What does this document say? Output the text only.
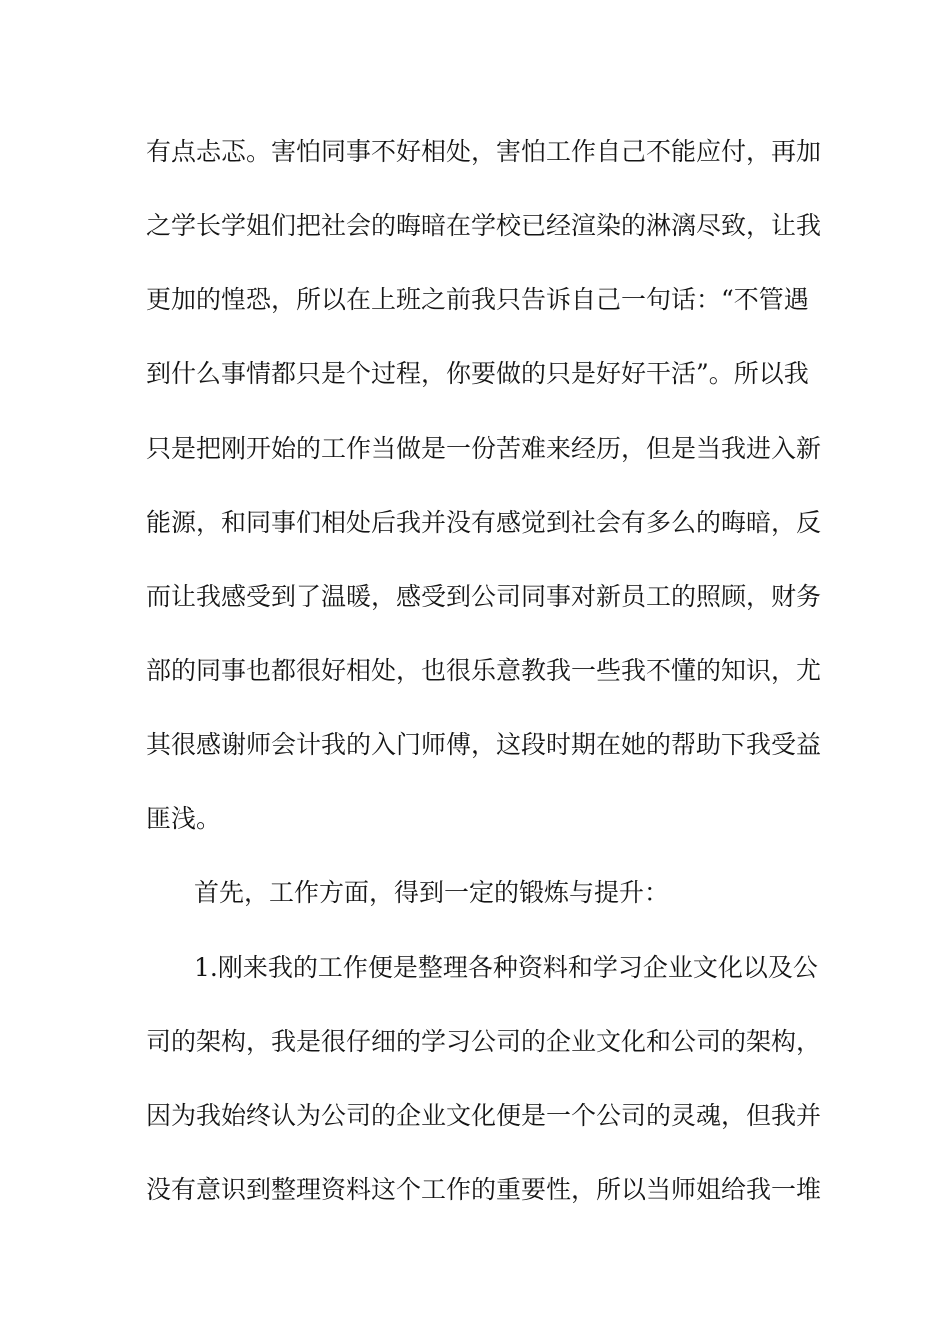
有点忐忑。害怕同事不好相处，害怕工作自己不能应付，再加
之学长学姐们把社会的晦暗在学校已经渲染的淋漓尽致，让我
更加的惶恐，所以在上班之前我只告诉自己一句话：“不管遇
到什么事情都只是个过程，你要做的只是好好干活”。所以我
只是把刚开始的工作当做是一份苦难来经历，但是当我进入新
能源，和同事们相处后我并没有感觉到社会有多么的晦暗，反
而让我感受到了温暖，感受到公司同事对新员工的照顾，财务
部的同事也都很好相处，也很乐意教我一些我不懂的知识，尤
其很感谢师会计我的入门师傅，这段时期在她的帮助下我受益
匪浅。
首先，工作方面，得到一定的锻炼与提升：
1.刚来我的工作便是整理各种资料和学习企业文化以及公
司的架构，我是很仔细的学习公司的企业文化和公司的架构，
因为我始终认为公司的企业文化便是一个公司的灵魂，但我并
没有意识到整理资料这个工作的重要性，所以当师姐给我一堆
